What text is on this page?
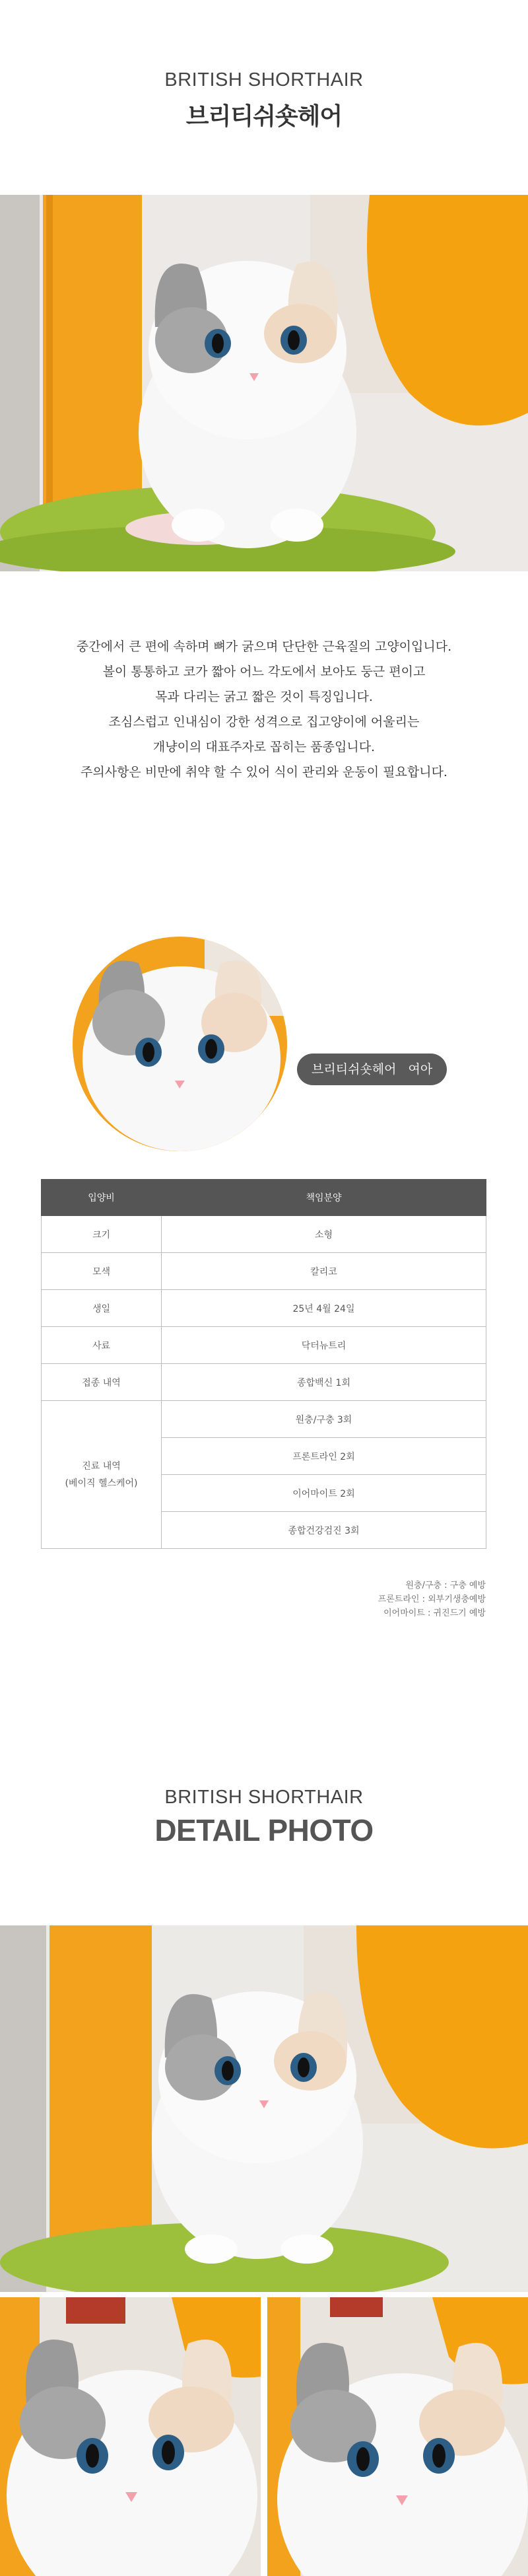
BRITISH SHORTHAIR
브리티쉬숏헤어
중간에서 큰 편에 속하며 뼈가 굵으며 단단한 근육질의 고양이입니다.
볼이 통통하고 코가 짧아 어느 각도에서 보아도 둥근 편이고
목과 다리는 굵고 짧은 것이 특징입니다.
조심스럽고 인내심이 강한 성격으로 집고양이에 어울리는
개냥이의 대표주자로 꼽히는 품종입니다.
주의사항은 비만에 취약 할 수 있어 식이 관리와 운동이 필요합니다.
브리티쉬숏헤어 여아
입양비	책임분양
크기	소형
모색	칼리코
생일	25년 4월 24일
사료	닥터뉴트리
접종 내역	종합백신 1회

진료 내역
(베이직 헬스케어)	원충/구충 3회
	프론트라인 2회
	이어마이트 2회
	종합건강검진 3회
원충/구충 : 구충 예방
프론트라인 : 외부기생충예방
이어마이트 : 귀진드기 예방
BRITISH SHORTHAIR
DETAIL PHOTO
